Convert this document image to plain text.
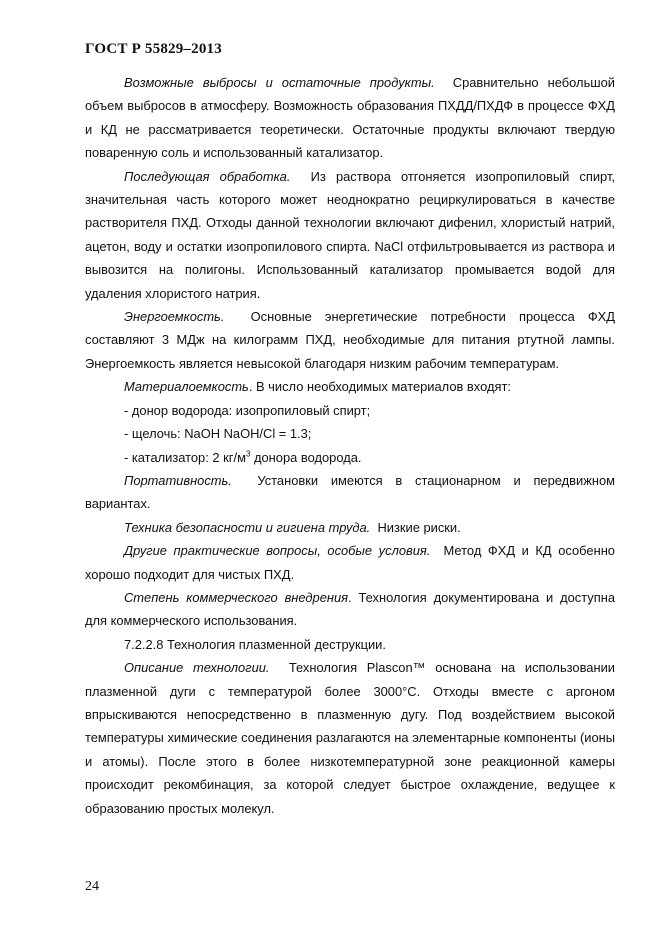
ГОСТ Р 55829–2013

Возможные выбросы и остаточные продукты. Сравнительно небольшой объем выбросов в атмосферу. Возможность образования ПХДД/ПХДФ в процессе ФХД и КД не рассматривается теоретически. Остаточные продукты включают твердую поваренную соль и использованный катализатор.

Последующая обработка. Из раствора отгоняется изопропиловый спирт, значительная часть которого может неоднократно рециркулироваться в качестве растворителя ПХД. Отходы данной технологии включают дифенил, хлористый натрий, ацетон, воду и остатки изопропилового спирта. NaCl отфильтровывается из раствора и вывозится на полигоны. Использованный катализатор промывается водой для удаления хлористого натрия.

Энергоемкость. Основные энергетические потребности процесса ФХД составляют 3 МДж на килограмм ПХД, необходимые для питания ртутной лампы. Энергоемкость является невысокой благодаря низким рабочим температурам.

Материалоемкость. В число необходимых материалов входят:

- донор водорода: изопропиловый спирт;

- щелочь: NaOH NaOH/Cl = 1.3;

- катализатор: 2 $кг/м^3$ донора водорода.

Портативность. Установки имеются в стационарном и передвижном вариантах.

Техника безопасности и гигиена труда. Низкие риски.

Другие практические вопросы, особые условия. Метод ФХД и КД особенно хорошо подходит для чистых ПХД.

Степень коммерческого внедрения. Технология документирована и доступна для коммерческого использования.

7.2.2.8 Технология плазменной деструкции.

Описание технологии. Технология Plascon™ основана на использовании плазменной дуги с температурой более 3000°C. Отходы вместе с аргоном впрыскиваются непосредственно в плазменную дугу. Под воздействием высокой температуры химические соединения разлагаются на элементарные компоненты (ионы и атомы). После этого в более низкотемпературной зоне реакционной камеры происходит рекомбинация, за которой следует быстрое охлаждение, ведущее к образованию простых молекул.

24
